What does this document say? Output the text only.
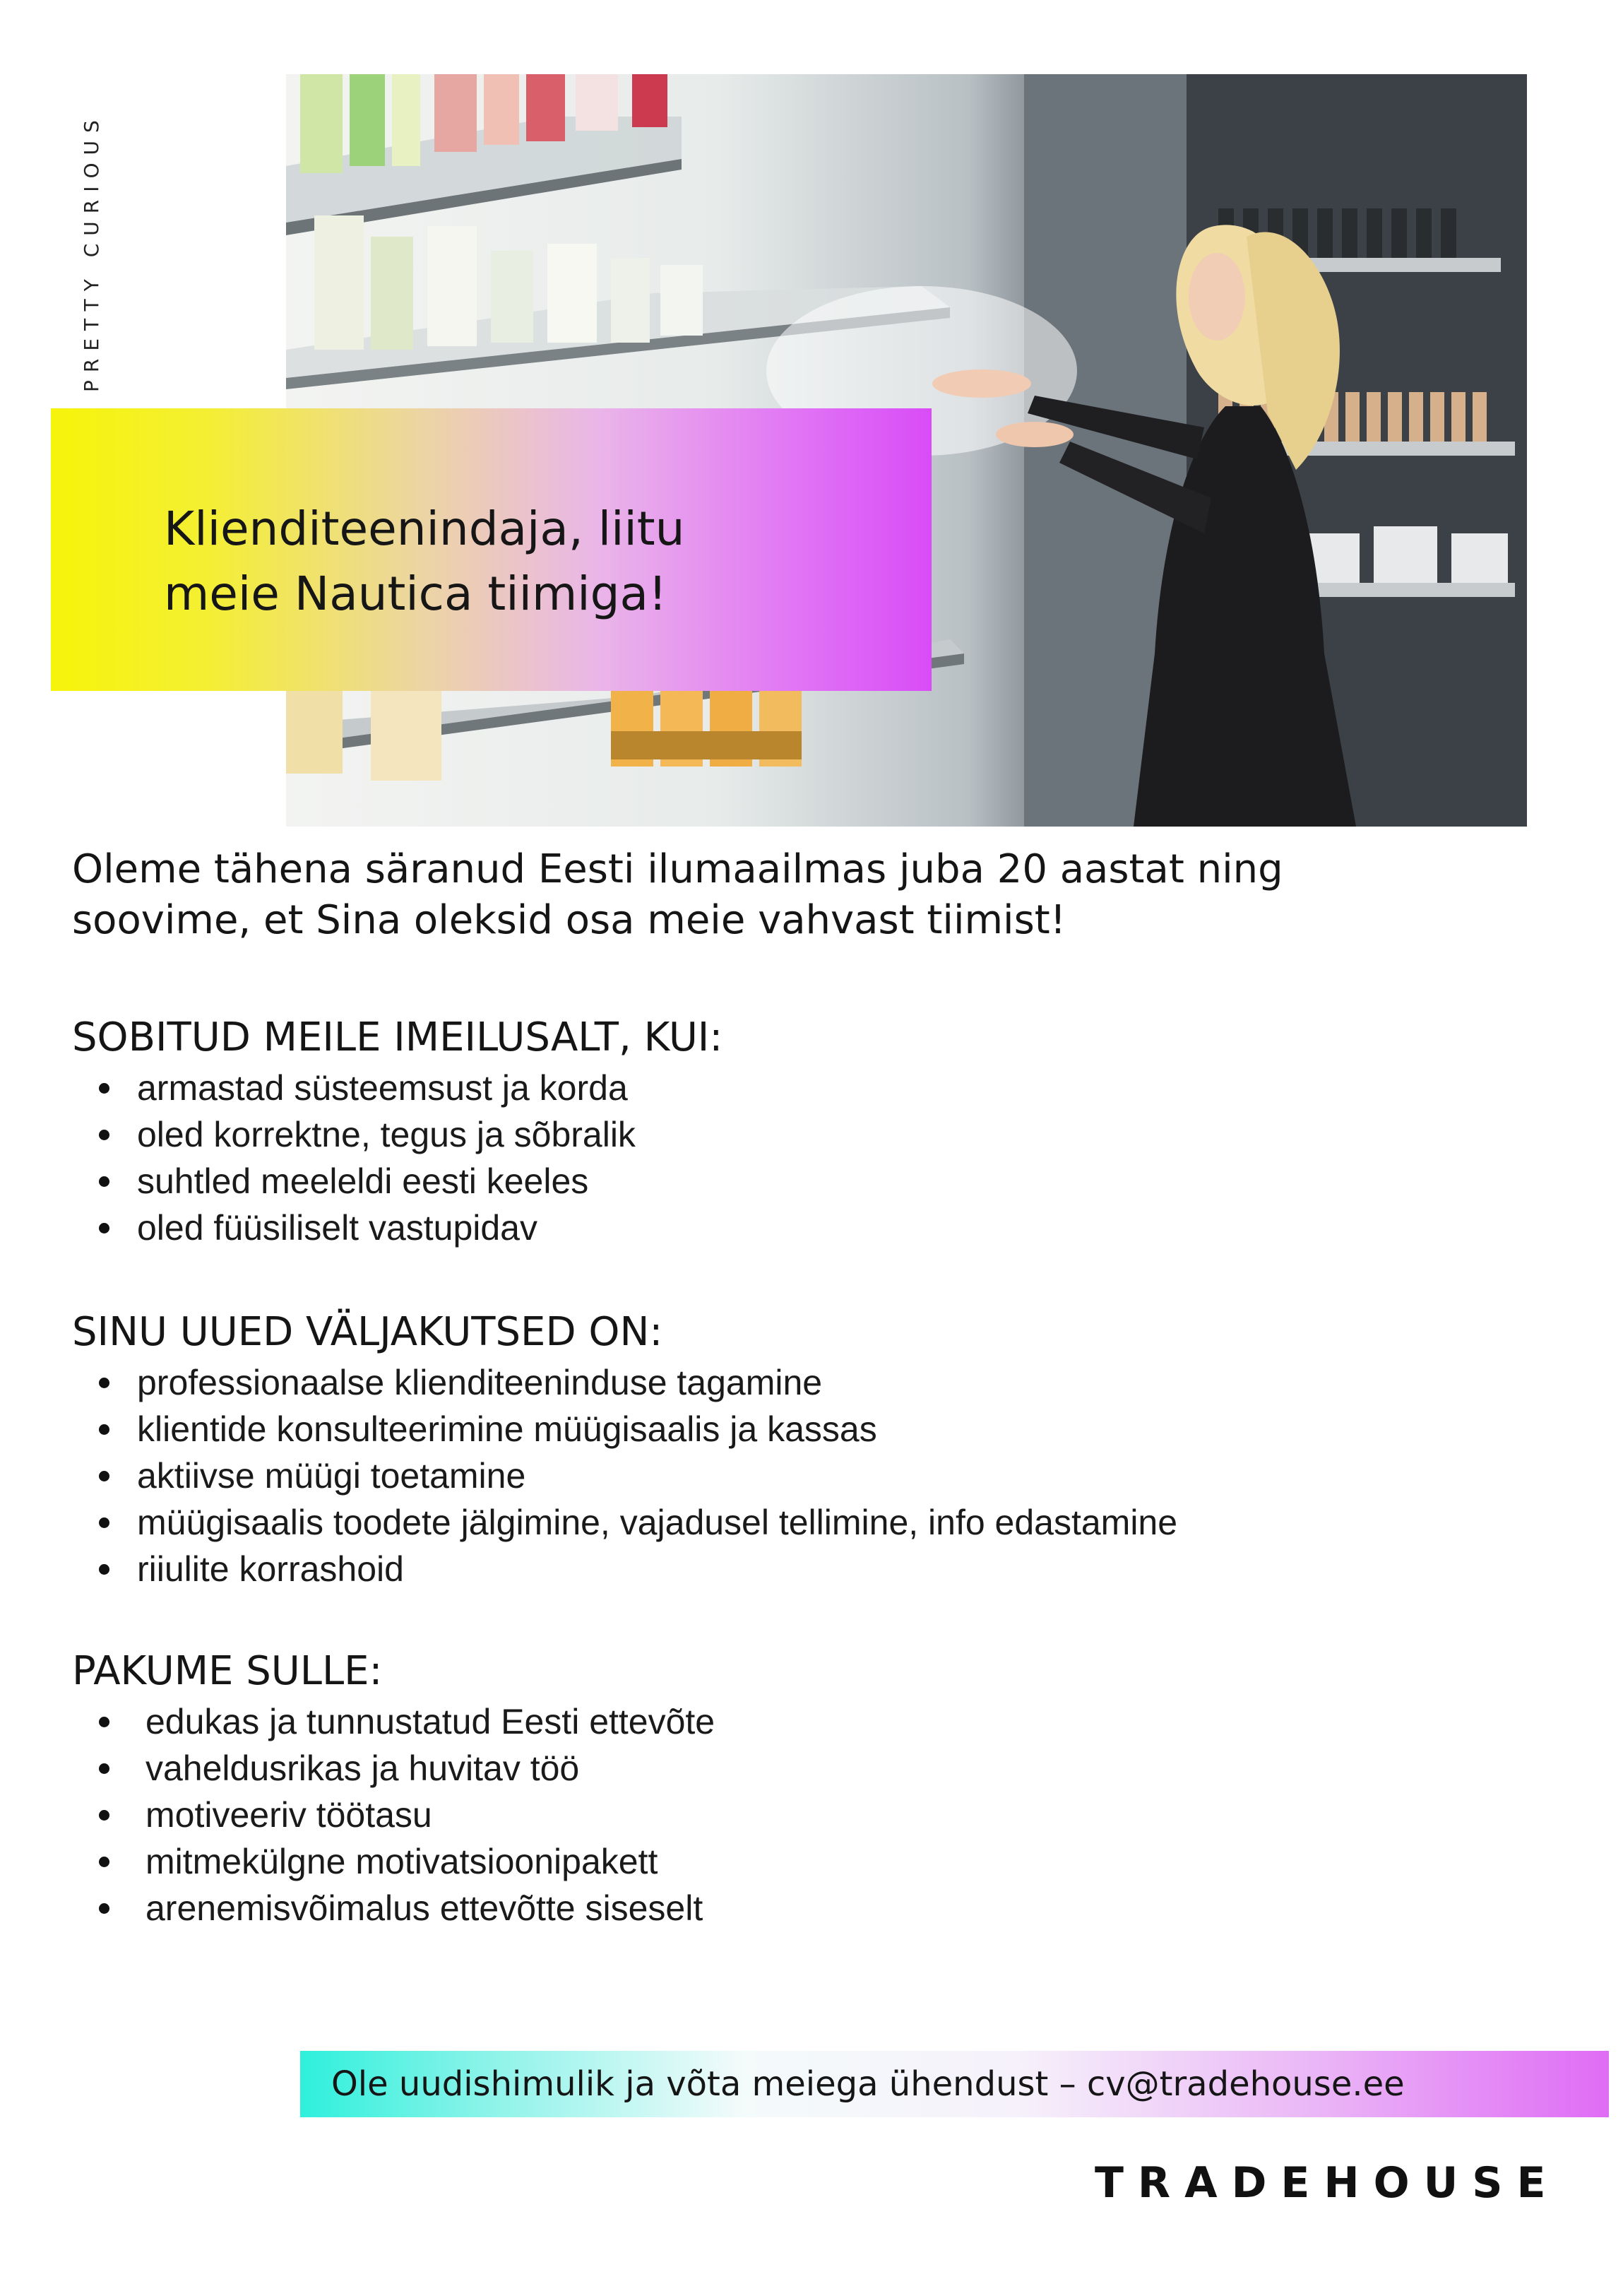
PRETTY CURIOUS
Klienditeenindaja, liitu
meie Nautica tiimiga!
Oleme tähena säranud Eesti ilumaailmas juba 20 aastat ning
soovime, et Sina oleksid osa meie vahvast tiimist!
SOBITUD MEILE IMEILUSALT, KUI:
armastad süsteemsust ja korda
oled korrektne, tegus ja sõbralik
suhtled meeleldi eesti keeles
oled füüsiliselt vastupidav
SINU UUED VÄLJAKUTSED ON:
professionaalse klienditeeninduse tagamine
klientide konsulteerimine müügisaalis ja kassas
aktiivse müügi toetamine
müügisaalis toodete jälgimine, vajadusel tellimine, info edastamine
riiulite korrashoid
PAKUME SULLE:
edukas ja tunnustatud Eesti ettevõte
vaheldusrikas ja huvitav töö
motiveeriv töötasu
mitmekülgne motivatsioonipakett
arenemisvõimalus ettevõtte siseselt
Ole uudishimulik ja võta meiega ühendust – cv@tradehouse.ee
TRADEHOUSE
